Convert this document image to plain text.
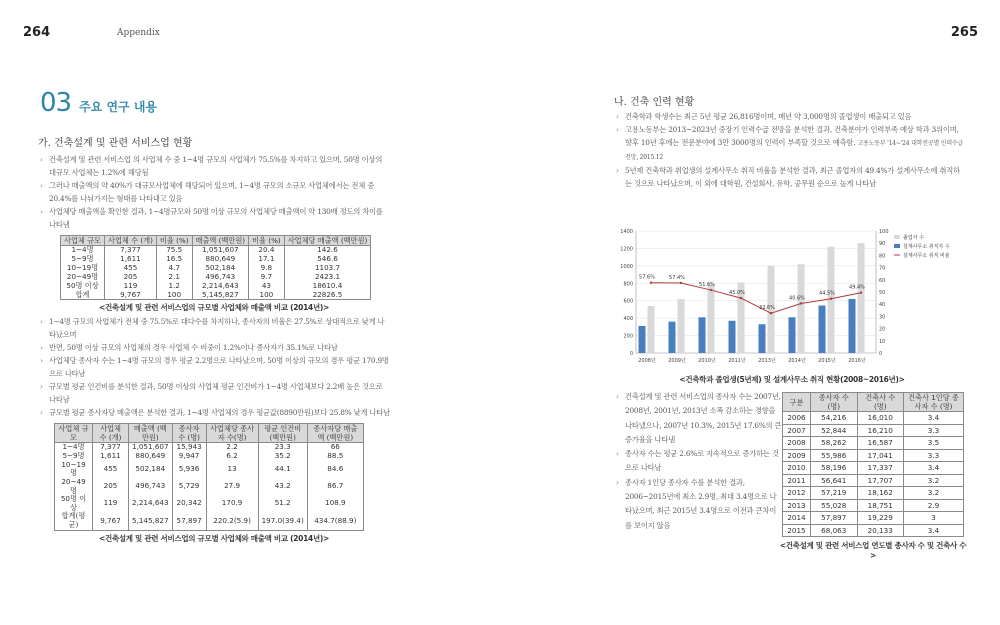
264	Appendix	265
03 주요 연구 내용
가. 건축설계 및 관련 서비스업 현황
› 건축설계 및 관련 서비스업 의 사업체 수 중 1~4명 규모의 사업체가 75.5%를 차지하고 있으며, 50명 이상의 대규모 사업체는 1.2%에 해당됨
› 그러나 매출액의 약 40%가 대규모사업체에 해당되어 있으며, 1~4명 규모의 소규모 사업체에서는 전체 중 20.4%를 나눠가지는 형태를 나타내고 있음
› 사업체당 매출액을 확인한 결과, 1~4명규모와 50명 이상 규모의 사업체당 매출액이 약 130배 정도의 차이를 나타냄
사업체 규모	사업체 수 (개)	비율 (%)	매출액 (백만원)	비율 (%)	사업체당 매출액 (백만원)
1~4명	7,377	75.5	1,051,607	20.4	142.6
5~9명	1,611	16.5	880,649	17.1	546.6
10~19명	455	4.7	502,184	9.8	1103.7
20~49명	205	2.1	496,743	9.7	2423.1
50명 이상	119	1.2	2,214,643	43	18610.4
합계	9,767	100	5,145,827	100	22826.5
<건축설계 및 관련 서비스업의 규모별 사업체와 매출액 비교 (2014년)>
› 1~4명 규모의 사업체가 전체 중 75.5%로 대다수를 차지하나, 종사자의 비율은 27.5%로 상대적으로 낮게 나타났으며
› 반면, 50명 이상 규모의 사업체의 경우 사업체 수 비중이 1.2%이나 종사자가 35.1%로 나타남
› 사업체당 종사자 수는 1~4명 규모의 경우 평균 2.2명으로 나타났으며, 50명 이상의 규모의 경우 평균 170.9명으로 나타남
› 규모별 평균 인건비를 분석한 결과, 50명 이상의 사업체 평균 인건비가 1~4명 사업체보다 2.2배 높은 것으로 나타남
› 규모별 평균 종사자당 매출액은 분석한 결과, 1~4명 사업체의 경우 평균값(8890만원)보다 25.8% 낮게 나타남
사업체 규모	사업체 수 (개)	매출액 (백만원)	종사자 수 (명)	사업체당 종사자 수(명)	평균 인건비 (백만원)	종사자당 매출액 (백만원)
1~4명	7,377	1,051,607	15,943	2.2	23.3	66
5~9명	1,611	880,649	9,947	6.2	35.2	88.5
10~19명	455	502,184	5,936	13	44.1	84.6
20~49명	205	496,743	5,729	27.9	43.2	86.7
50명 이상	119	2,214,643	20,342	170.9	51.2	108.9
합계(평균)	9,767	5,145,827	57,897	220.2(5.9)	197.0(39.4)	434.7(88.9)
<건축설계 및 관련 서비스업의 규모별 사업체와 매출액 비교 (2014년)>
나. 건축 인력 현황
› 건축학과 학생수는 최근 5년 평균 26,816명이며, 매년 약 3,000명의 졸업생이 배출되고 있음
› 고용노동부는 2013~2023년 중장기 인력수급 전망을 분석한 결과, 건축분야가 인력부족 예상 학과 3위이며, 향후 10년 후에는 전문분야에 3만 3000명의 인력이 부족할 것으로 예측함. 고용노동부 '14~'24 대학전공별 인력수급 전망, 2015.12
› 5년제 건축학과 취업생의 설계사무소 취직 비율을 분석한 결과, 최근 졸업자의 49.4%가 설계사무소에 취직하는 것으로 나타났으며, 이 외에 대학원, 건설회사, 유학, 공무원 순으로 높게 나타남
0
200
400
600
800
1000
1200
1400
0
10
20
30
40
50
60
70
80
90
100
2008년 2009년 2010년 2011년 2013년 2014년 2015년 2016년
57.6%	57.4%
51.6%
45.0%
32.6%
40.6%
44.5%
49.4%
졸업자 수
설계사무소 취직자 수
설계사무소 취직 비율
<건축학과 졸업생(5년제) 및 설계사무소 취직 현황(2008~2016년)>
› 건축설계 및 관련 서비스업의 종사자 수는 2007년, 2008년, 2001년, 2013년 소폭 감소하는 경향을 나타냈으나, 2007년 10.3%, 2015년 17.6%의 큰 증가율을 나타냄
› 종사자 수는 평균 2.6%로 지속적으로 증가하는 것으로 나타남
› 종사자 1인당 종사자 수를 분석한 결과, 2006~2015년에 최소 2.9명, 최대 3.4명으로 나타났으며, 최근 2015년 3.4명으로 이전과 큰차이를 보이지 않음
구분	종사자 수 (명)	건축사 수 (명)	건축사 1인당 종사자 수 (명)
2006	54,216	16,010	3.4
2007	52,844	16,210	3.3
2008	58,262	16,587	3.5
2009	55,986	17,041	3.3
2010	58,196	17,337	3.4
2011	56,641	17,707	3.2
2012	57,219	18,162	3.2
2013	55,028	18,751	2.9
2014	57,897	19,229	3
2015	68,063	20,133	3.4
<건축설계 및 관련 서비스업 연도별 종사자 수 및 건축사 수>
